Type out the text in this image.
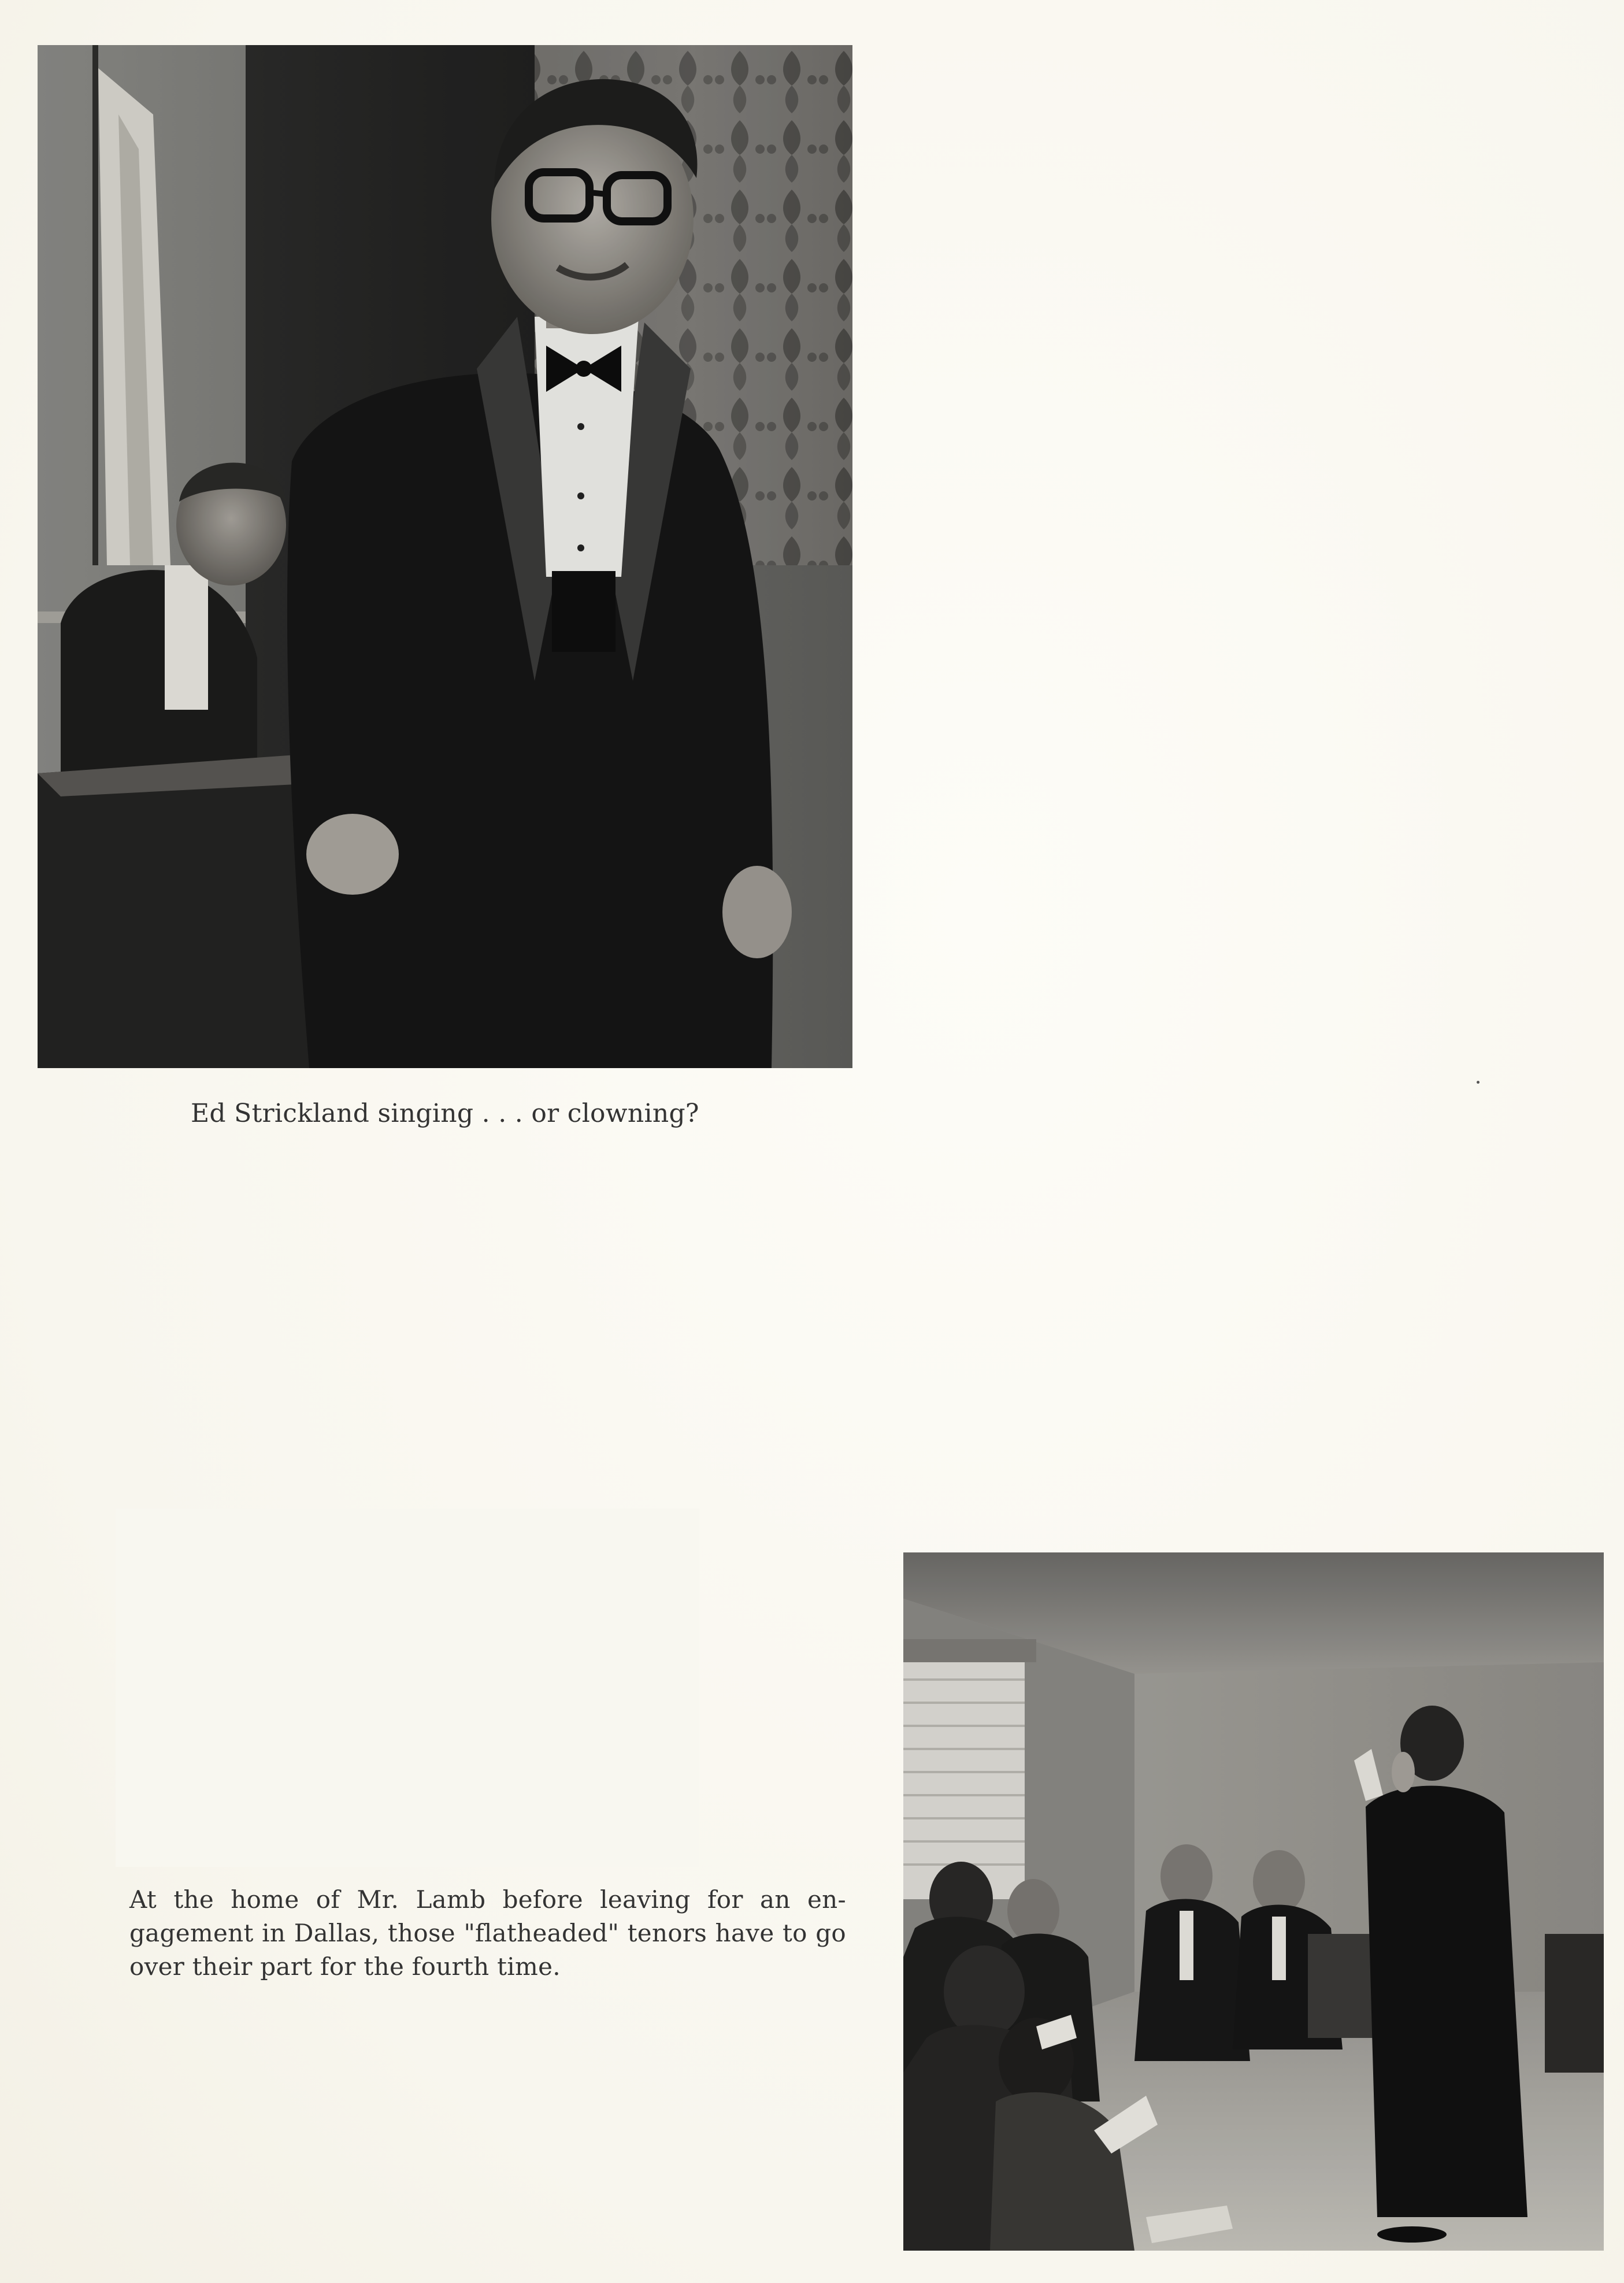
Ed Strickland singing . . . or clowning?
At the home of Mr. Lamb before leaving for an en- gagement in Dallas, those "flatheaded" tenors have to go over their part for the fourth time.
